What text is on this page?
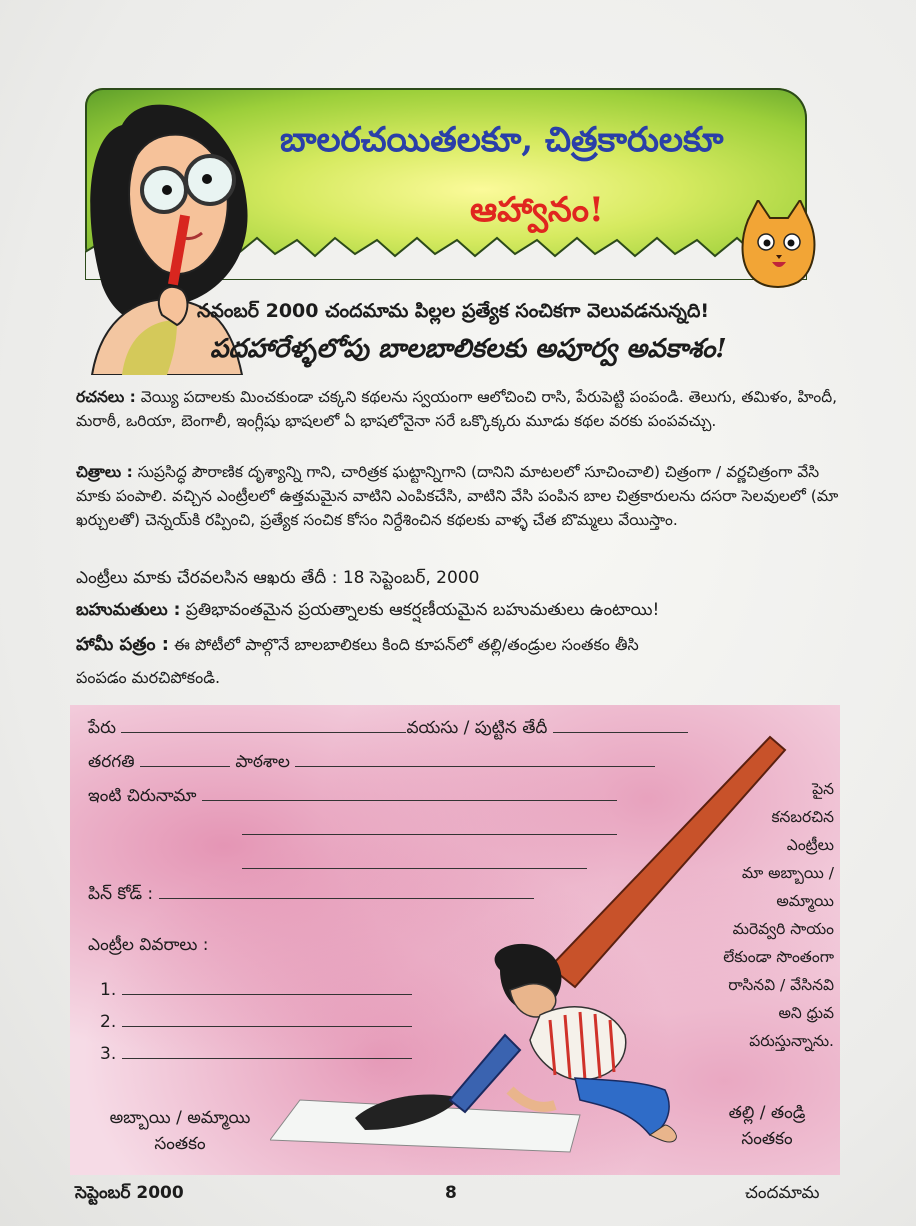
బాలరచయితలకూ, చిత్రకారులకూ
ఆహ్వానం!
నవంబర్ 2000 చందమామ పిల్లల ప్రత్యేక సంచికగా వెలువడనున్నది!
పదహారేళ్ళలోపు బాలబాలికలకు అపూర్వ అవకాశం!
రచనలు : వెయ్యి పదాలకు మించకుండా చక్కని కథలను స్వయంగా ఆలోచించి రాసి, పేరుపెట్టి పంపండి. తెలుగు, తమిళం, హిందీ, మరాఠీ, ఒరియా, బెంగాలీ, ఇంగ్లీషు భాషలలో ఏ భాషలోనైనా సరే ఒక్కొక్కరు మూడు కథల వరకు పంపవచ్చు.
చిత్రాలు : సుప్రసిద్ధ పౌరాణిక దృశ్యాన్ని గాని, చారిత్రక ఘట్టాన్నిగాని (దానిని మాటలలో సూచించాలి) చిత్రంగా / వర్ణచిత్రంగా వేసి మాకు పంపాలి. వచ్చిన ఎంట్రీలలో ఉత్తమమైన వాటిని ఎంపికచేసి, వాటిని వేసి పంపిన బాల చిత్రకారులను దసరా సెలవులలో (మా ఖర్చులతో) చెన్నయ్‌కి రప్పించి, ప్రత్యేక సంచిక కోసం నిర్దేశించిన కథలకు వాళ్ళ చేత బొమ్మలు వేయిస్తాం.
ఎంట్రీలు మాకు చేరవలసిన ఆఖరు తేదీ : 18 సెప్టెంబర్, 2000
బహుమతులు : ప్రతిభావంతమైన ప్రయత్నాలకు ఆకర్షణీయమైన బహుమతులు ఉంటాయి!
హామీ పత్రం : ఈ పోటీలో పాల్గొనే బాలబాలికలు కింది కూపన్‌లో తల్లి/తండ్రుల సంతకం తీసి
పంపడం మరచిపోకండి.
పేరు	వయసు / పుట్టిన తేదీ
తరగతి	పాఠశాల
ఇంటి చిరునామా
పిన్ కోడ్ :
ఎంట్రీల వివరాలు :
1.
2.
3.
పైన
కనబరచిన
ఎంట్రీలు
మా అబ్బాయి /
అమ్మాయి
మరెవ్వరి సాయం
లేకుండా సొంతంగా
రాసినవి / వేసినవి
అని ధ్రువ
పరుస్తున్నాను.
అబ్బాయి / అమ్మాయి
సంతకం
తల్లి / తండ్రి
సంతకం
సెప్టెంబర్ 2000	8	చందమామ
